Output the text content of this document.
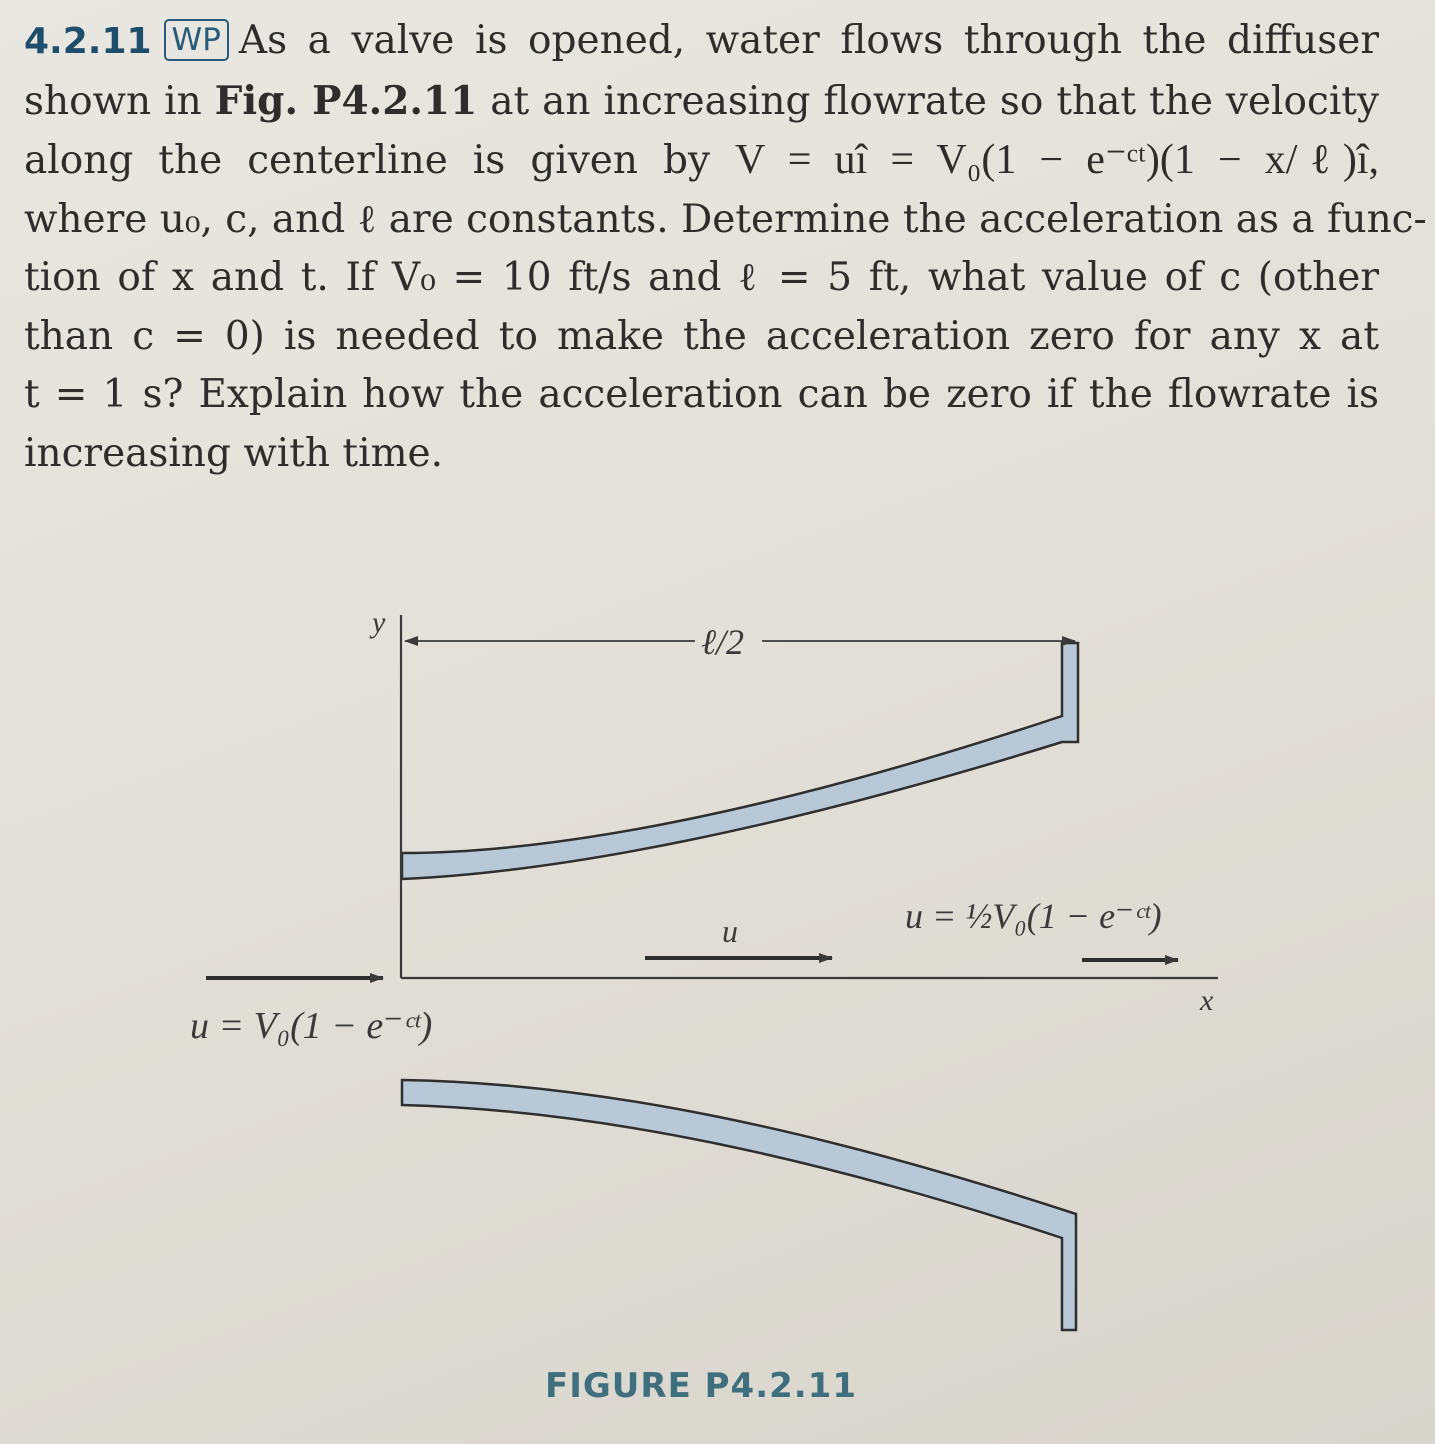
4.2.11 WP As a valve is opened, water flows through the diffuser
shown in Fig. P4.2.11 at an increasing flowrate so that the velocity
along the centerline is given by V = uî = V₀(1 − e⁻ᶜᵗ)(1 − x/ℓ)î,
where u₀, c, and ℓ are constants. Determine the acceleration as a func-
tion of x and t. If V₀ = 10 ft/s and ℓ = 5 ft, what value of c (other
than c = 0) is needed to make the acceleration zero for any x at
t = 1 s? Explain how the acceleration can be zero if the flowrate is
increasing with time.
y
x
ℓ/2
u = V₀(1 − e⁻ᶜᵗ)
u	u = ½V₀(1 − e⁻ᶜᵗ)
FIGURE P4.2.11
